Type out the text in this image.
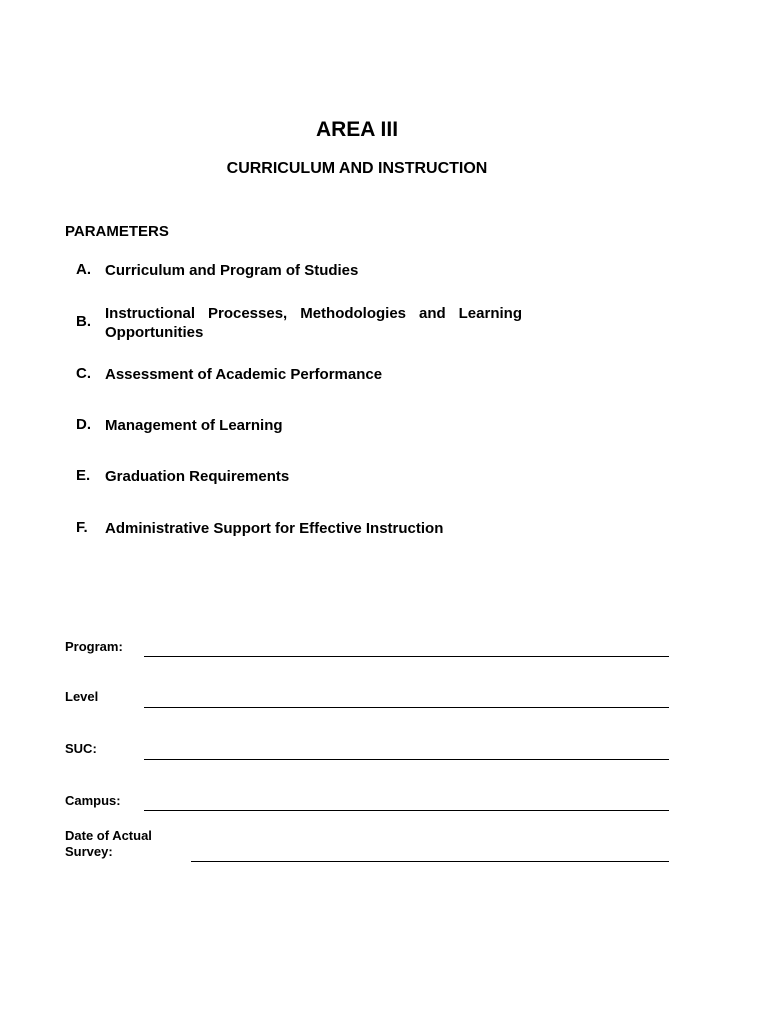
AREA III
CURRICULUM AND INSTRUCTION
PARAMETERS
A. Curriculum and Program of Studies
B. Instructional Processes, Methodologies and Learning Opportunities
C. Assessment of Academic Performance
D. Management of Learning
E. Graduation Requirements
F.	Administrative Support for Effective Instruction
Program:
Level
SUC:
Campus:
Date of Actual
Survey:
